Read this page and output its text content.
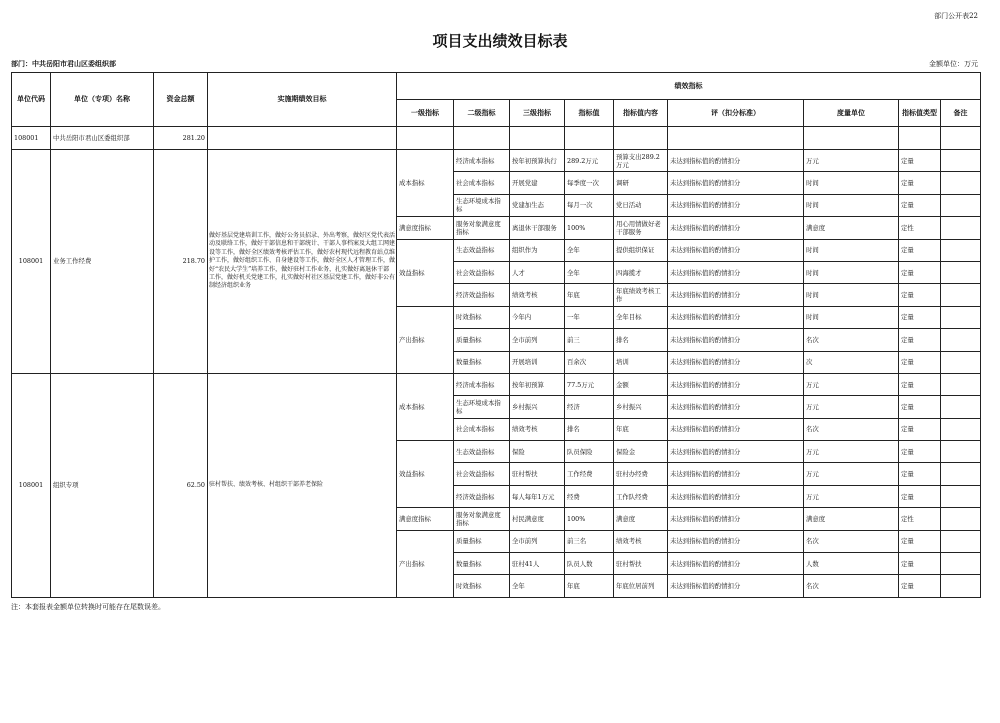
部门公开表22
项目支出绩效目标表
部门：中共岳阳市君山区委组织部	金额单位：万元
单位代码	单位（专项）名称	资金总额	实施期绩效目标	绩效指标								
				一级指标	二级指标	三级指标	指标值	指标值内容	评（扣分标准）	度量单位	指标值类型	备注
108001	中共岳阳市君山区委组织部	281.20										
108001	业务工作经费	218.70	做好基层党建培训工作，做好公务员招录、外出考察，做好区党代表活动及联络工作，做好干部信息和干部统计、干部人事档案及大组工网建设等工作，做好全区绩效考核评估工作，做好农村现代远程教育站点维护工作，做好组织工作、自身建设等工作，做好全区人才管理工作，做好“农民大学生”培养工作，做好驻村工作业务，扎实做好离退休干部工作，做好机关党建工作，扎实做好村社区基层党建工作，做好非公有制经济组织业务	成本指标	经济成本指标	按年初预算执行	289.2万元	预算支出289.2万元	未达到指标值的酌情扣分	万元	定量	
					社会成本指标	开展党建	每季度一次	调研	未达到指标值的酌情扣分	时间	定量	
					生态环境成本指标	党建加生态	每月一次	党日活动	未达到指标值的酌情扣分	时间	定量	
				满意度指标	服务对象满意度指标	离退休干部服务	100%	用心用情做好老干部服务	未达到指标值的酌情扣分	满意度	定性	
				效益指标	生态效益指标	组织作为	全年	提供组织保证	未达到指标值的酌情扣分	时间	定量	
					社会效益指标	人才	全年	四海揽才	未达到指标值的酌情扣分	时间	定量	
					经济效益指标	绩效考核	年底	年底绩效考核工作	未达到指标值的酌情扣分	时间	定量	
				产出指标	时效指标	今年内	一年	全年目标	未达到指标值的酌情扣分	时间	定量	
					质量指标	全市前列	前三	排名	未达到指标值的酌情扣分	名次	定量	
					数量指标	开展培训	百余次	培训	未达到指标值的酌情扣分	次	定量	
108001	组织专项	62.50	驻村帮扶、绩效考核、村组织干部养老保险	成本指标	经济成本指标	按年初预算	77.5万元	金额	未达到指标值的酌情扣分	万元	定量	
					生态环境成本指标	乡村振兴	经济	乡村振兴	未达到指标值的酌情扣分	万元	定量	
					社会成本指标	绩效考核	排名	年底	未达到指标值的酌情扣分	名次	定量	
				效益指标	生态效益指标	保险	队员保险	保险金	未达到指标值的酌情扣分	万元	定量	
					社会效益指标	驻村帮扶	工作经费	驻村办经费	未达到指标值的酌情扣分	万元	定量	
					经济效益指标	每人每年1万元	经费	工作队经费	未达到指标值的酌情扣分	万元	定量	
				满意度指标	服务对象满意度指标	村民满意度	100%	满意度	未达到指标值的酌情扣分	满意度	定性	
				产出指标	质量指标	全市前列	前三名	绩效考核	未达到指标值的酌情扣分	名次	定量	
					数量指标	驻村41人	队员人数	驻村帮扶	未达到指标值的酌情扣分	人数	定量	
					时效指标	全年	年底	年底位居前列	未达到指标值的酌情扣分	名次	定量	
注：本套报表金额单位转换时可能存在尾数误差。
